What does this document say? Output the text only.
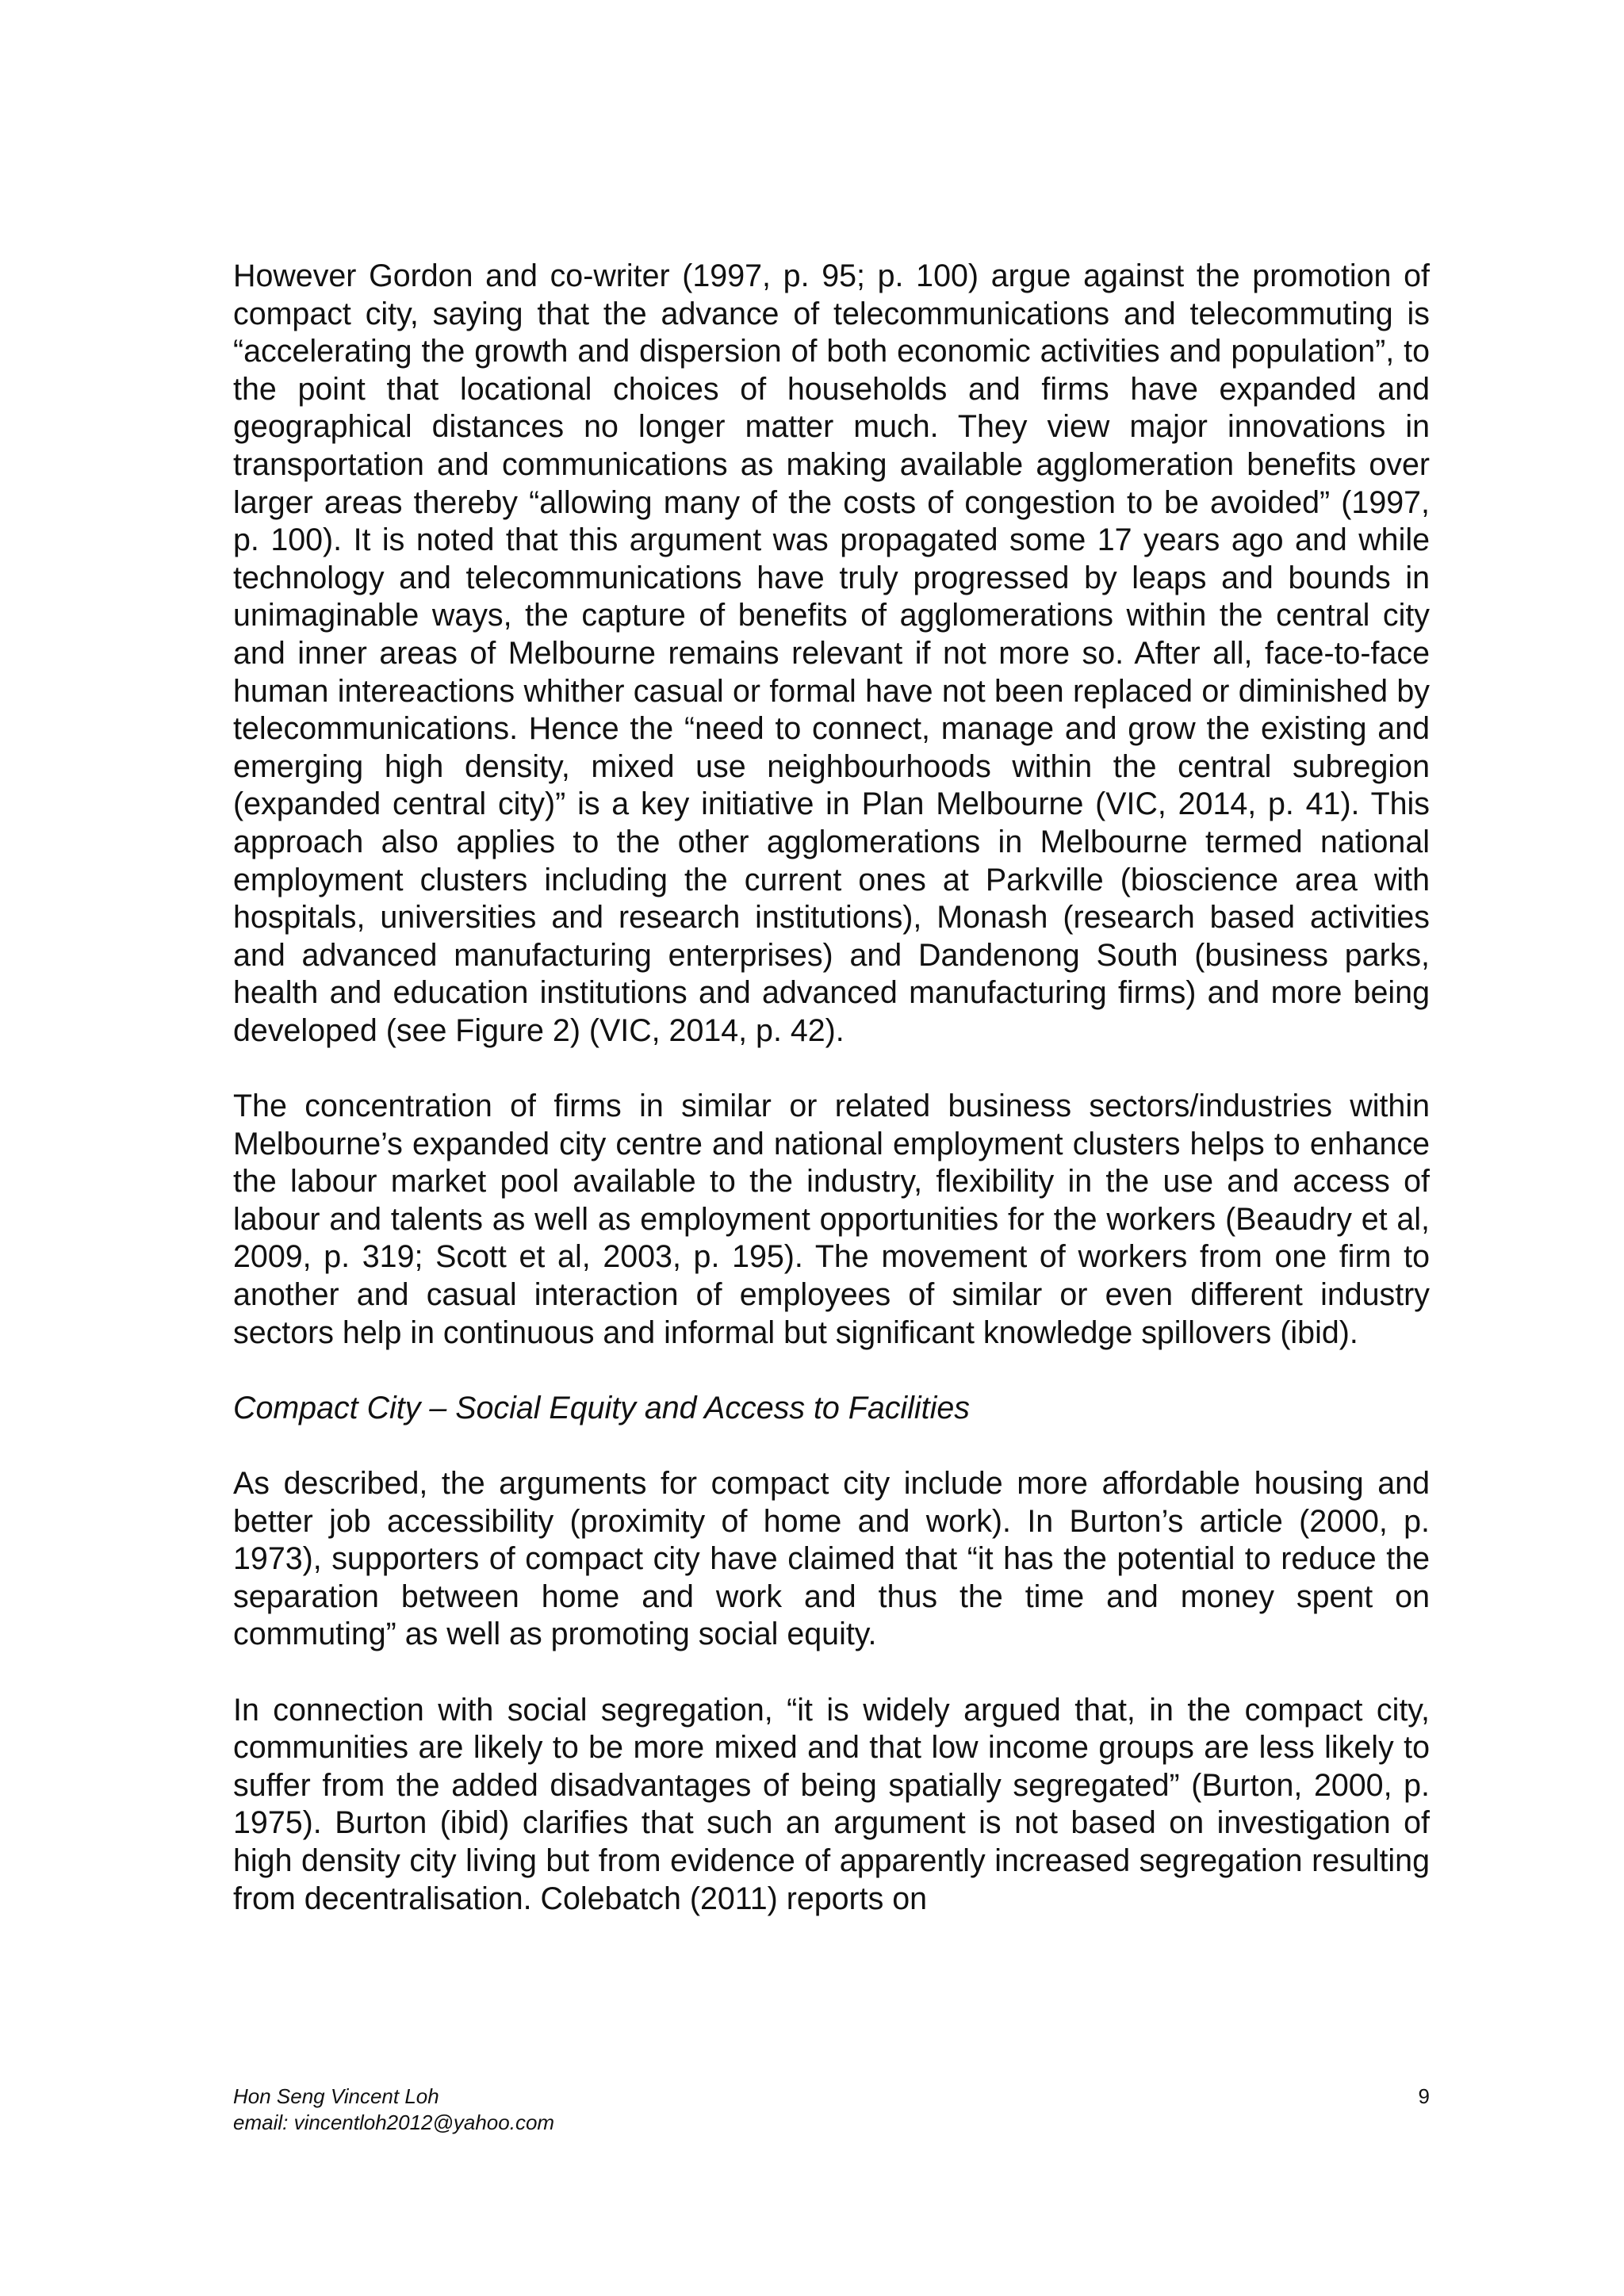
However Gordon and co-writer (1997, p. 95; p. 100) argue against the promotion of compact city, saying that the advance of telecommunications and telecommuting is “accelerating the growth and dispersion of both economic activities and population”, to the point that locational choices of households and firms have expanded and geographical distances no longer matter much. They view major innovations in transportation and communications as making available agglomeration benefits over larger areas thereby “allowing many of the costs of congestion to be avoided” (1997, p. 100). It is noted that this argument was propagated some 17 years ago and while technology and telecommunications have truly progressed by leaps and bounds in unimaginable ways, the capture of benefits of agglomerations within the central city and inner areas of Melbourne remains relevant if not more so. After all, face-to-face human intereactions whither casual or formal have not been replaced or diminished by telecommunications. Hence the “need to connect, manage and grow the existing and emerging high density, mixed use neighbourhoods within the central subregion (expanded central city)” is a key initiative in Plan Melbourne (VIC, 2014, p. 41). This approach also applies to the other agglomerations in Melbourne termed national employment clusters including the current ones at Parkville (bioscience area with hospitals, universities and research institutions), Monash (research based activities and advanced manufacturing enterprises) and Dandenong South (business parks, health and education institutions and advanced manufacturing firms) and more being developed (see Figure 2) (VIC, 2014, p. 42).

The concentration of firms in similar or related business sectors/industries within Melbourne’s expanded city centre and national employment clusters helps to enhance the labour market pool available to the industry, flexibility in the use and access of labour and talents as well as employment opportunities for the workers (Beaudry et al, 2009, p. 319; Scott et al, 2003, p. 195). The movement of workers from one firm to another and casual interaction of employees of similar or even different industry sectors help in continuous and informal but significant knowledge spillovers (ibid).

Compact City – Social Equity and Access to Facilities

As described, the arguments for compact city include more affordable housing and better job accessibility (proximity of home and work). In Burton’s article (2000, p. 1973), supporters of compact city have claimed that “it has the potential to reduce the separation between home and work and thus the time and money spent on commuting” as well as promoting social equity.

In connection with social segregation, “it is widely argued that, in the compact city, communities are likely to be more mixed and that low income groups are less likely to suffer from the added disadvantages of being spatially segregated” (Burton, 2000, p. 1975). Burton (ibid) clarifies that such an argument is not based on investigation of high density city living but from evidence of apparently increased segregation resulting from decentralisation. Colebatch (2011) reports on

Hon Seng Vincent Loh
email: vincentloh2012@yahoo.com
9
